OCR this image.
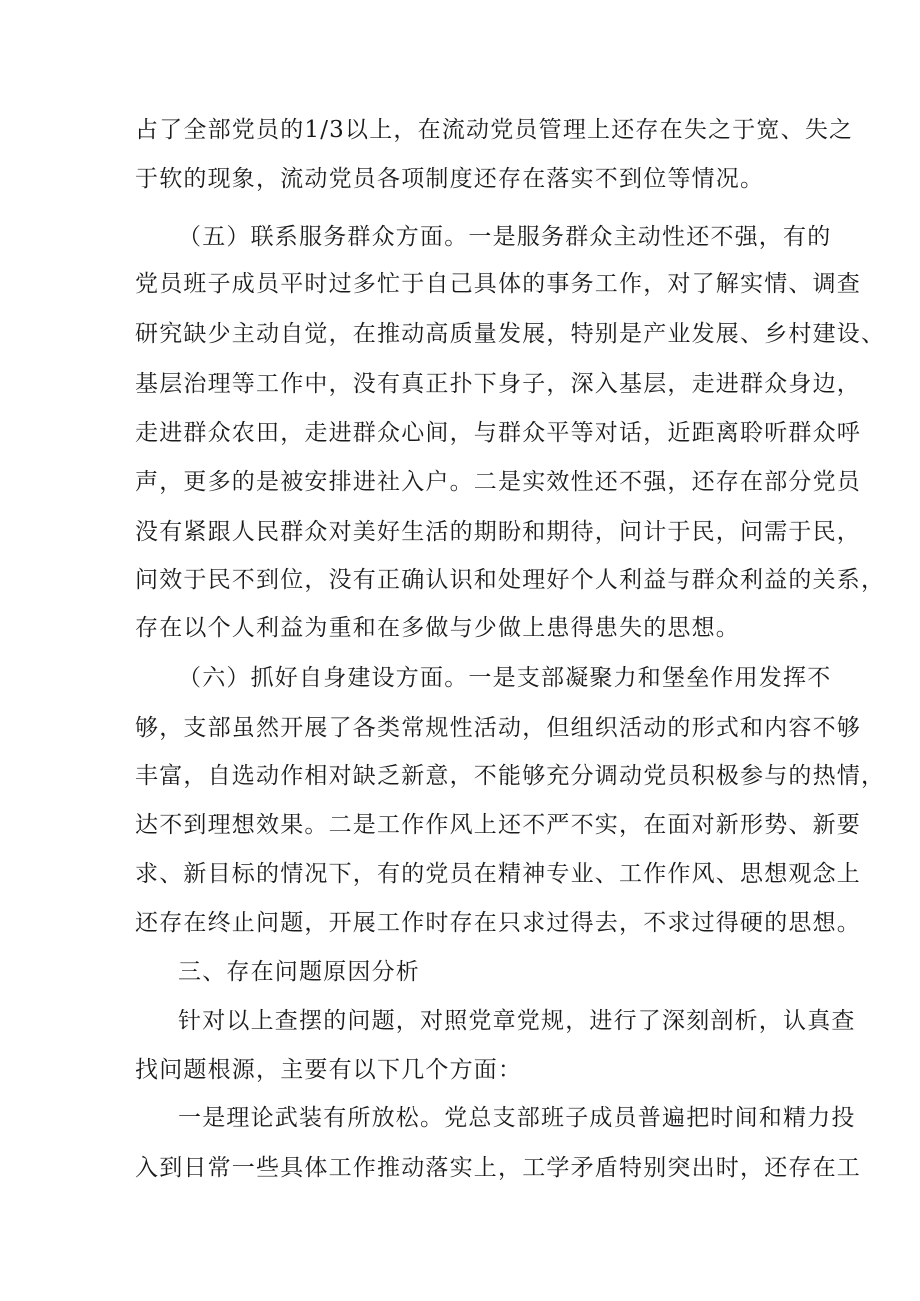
占了全部党员的1/3以上，在流动党员管理上还存在失之于宽、失之
于软的现象，流动党员各项制度还存在落实不到位等情况。
（五）联系服务群众方面。一是服务群众主动性还不强，有的
党员班子成员平时过多忙于自己具体的事务工作，对了解实情、调查
研究缺少主动自觉，在推动高质量发展，特别是产业发展、乡村建设、
基层治理等工作中，没有真正扑下身子，深入基层，走进群众身边，
走进群众农田，走进群众心间，与群众平等对话，近距离聆听群众呼
声，更多的是被安排进社入户。二是实效性还不强，还存在部分党员
没有紧跟人民群众对美好生活的期盼和期待，问计于民，问需于民，
问效于民不到位，没有正确认识和处理好个人利益与群众利益的关系，
存在以个人利益为重和在多做与少做上患得患失的思想。
（六）抓好自身建设方面。一是支部凝聚力和堡垒作用发挥不
够，支部虽然开展了各类常规性活动，但组织活动的形式和内容不够
丰富，自选动作相对缺乏新意，不能够充分调动党员积极参与的热情，
达不到理想效果。二是工作作风上还不严不实，在面对新形势、新要
求、新目标的情况下，有的党员在精神专业、工作作风、思想观念上
还存在终止问题，开展工作时存在只求过得去，不求过得硬的思想。
三、存在问题原因分析
针对以上查摆的问题，对照党章党规，进行了深刻剖析，认真查
找问题根源，主要有以下几个方面：
一是理论武装有所放松。党总支部班子成员普遍把时间和精力投
入到日常一些具体工作推动落实上，工学矛盾特别突出时，还存在工
